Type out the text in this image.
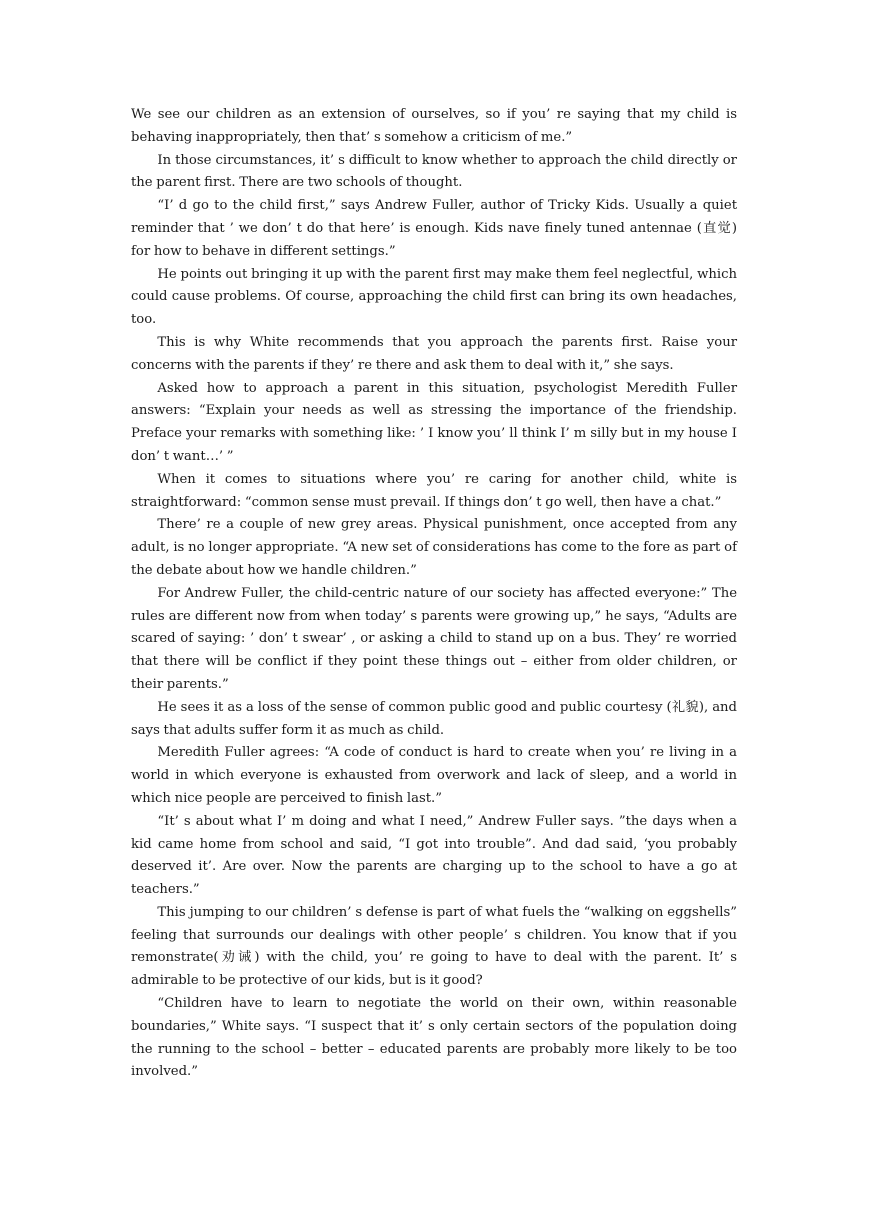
We see our children as an extension of ourselves, so if you’ re saying that my child is behaving inappropriately, then that’ s somehow a criticism of me.”

In those circumstances, it’ s difficult to know whether to approach the child directly or the parent first. There are two schools of thought.

“I’ d go to the child first,” says Andrew Fuller, author of Tricky Kids. Usually a quiet reminder that ’ we don’ t do that here’ is enough. Kids nave finely tuned antennae (直觉) for how to behave in different settings.”

He points out bringing it up with the parent first may make them feel neglectful, which could cause problems. Of course, approaching the child first can bring its own headaches, too.

This is why White recommends that you approach the parents first. Raise your concerns with the parents if they’ re there and ask them to deal with it,” she says.

Asked how to approach a parent in this situation, psychologist Meredith Fuller answers: “Explain your needs as well as stressing the importance of the friendship. Preface your remarks with something like: ’ I know you’ ll think I’ m silly but in my house I don’ t want…’ ”

When it comes to situations where you’ re caring for another child, white is straightforward: “common sense must prevail. If things don’ t go well, then have a chat.”

There’ re a couple of new grey areas. Physical punishment, once accepted from any adult, is no longer appropriate. “A new set of considerations has come to the fore as part of the debate about how we handle children.”

For Andrew Fuller, the child-centric nature of our society has affected everyone:” The rules are different now from when today’ s parents were growing up,” he says, “Adults are scared of saying: ’ don’ t swear’ , or asking a child to stand up on a bus. They’ re worried that there will be conflict if they point these things out – either from older children, or their parents.”

He sees it as a loss of the sense of common public good and public courtesy (礼貌), and says that adults suffer form it as much as child.

Meredith Fuller agrees: “A code of conduct is hard to create when you’ re living in a world in which everyone is exhausted from overwork and lack of sleep, and a world in which nice people are perceived to finish last.”

“It’ s about what I’ m doing and what I need,” Andrew Fuller says. ”the days when a kid came home from school and said, “I got into trouble”. And dad said, ‘you probably deserved it’. Are over. Now the parents are charging up to the school to have a go at teachers.”

This jumping to our children’ s defense is part of what fuels the “walking on eggshells” feeling that surrounds our dealings with other people’ s children. You know that if you remonstrate(劝诫) with the child, you’ re going to have to deal with the parent. It’ s admirable to be protective of our kids, but is it good?

“Children have to learn to negotiate the world on their own, within reasonable boundaries,” White says. “I suspect that it’ s only certain sectors of the population doing the running to the school – better – educated parents are probably more likely to be too involved.”
